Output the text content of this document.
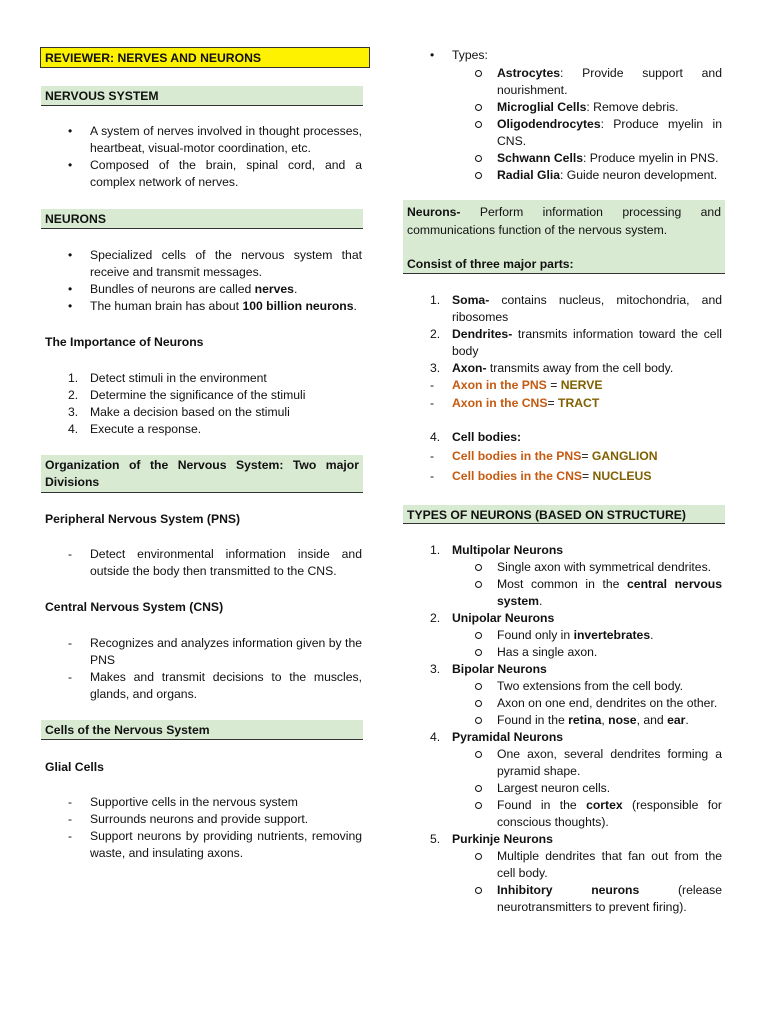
REVIEWER: NERVES AND NEURONS
NERVOUS SYSTEM
• A system of nerves involved in thought processes, heartbeat, visual-motor coordination, etc.
• Composed of the brain, spinal cord, and a complex network of nerves.
NEURONS
• Specialized cells of the nervous system that receive and transmit messages.
• Bundles of neurons are called nerves.
• The human brain has about 100 billion neurons.
The Importance of Neurons
1. Detect stimuli in the environment
2. Determine the significance of the stimuli
3. Make a decision based on the stimuli
4. Execute a response.
Organization of the Nervous System: Two major Divisions
Peripheral Nervous System (PNS)
- Detect environmental information inside and outside the body then transmitted to the CNS.
Central Nervous System (CNS)
- Recognizes and analyzes information given by the PNS
- Makes and transmit decisions to the muscles, glands, and organs.
Cells of the Nervous System
Glial Cells
- Supportive cells in the nervous system
- Surrounds neurons and provide support.
- Support neurons by providing nutrients, removing waste, and insulating axons.
• Types:
Astrocytes: Provide support and nourishment.
Microglial Cells: Remove debris.
Oligodendrocytes: Produce myelin in CNS.
Schwann Cells: Produce myelin in PNS.
Radial Glia: Guide neuron development.
Neurons- Perform information processing and communications function of the nervous system.
Consist of three major parts:
1. Soma- contains nucleus, mitochondria, and ribosomes
2. Dendrites- transmits information toward the cell body
3. Axon- transmits away from the cell body.
- Axon in the PNS = NERVE
- Axon in the CNS= TRACT
4. Cell bodies:
- Cell bodies in the PNS= GANGLION
- Cell bodies in the CNS= NUCLEUS
TYPES OF NEURONS (BASED ON STRUCTURE)
1. Multipolar Neurons
Single axon with symmetrical dendrites.
Most common in the central nervous system.
2. Unipolar Neurons
Found only in invertebrates.
Has a single axon.
3. Bipolar Neurons
Two extensions from the cell body.
Axon on one end, dendrites on the other.
Found in the retina, nose, and ear.
4. Pyramidal Neurons
One axon, several dendrites forming a pyramid shape.
Largest neuron cells.
Found in the cortex (responsible for conscious thoughts).
5. Purkinje Neurons
Multiple dendrites that fan out from the cell body.
Inhibitory neurons (release neurotransmitters to prevent firing).
